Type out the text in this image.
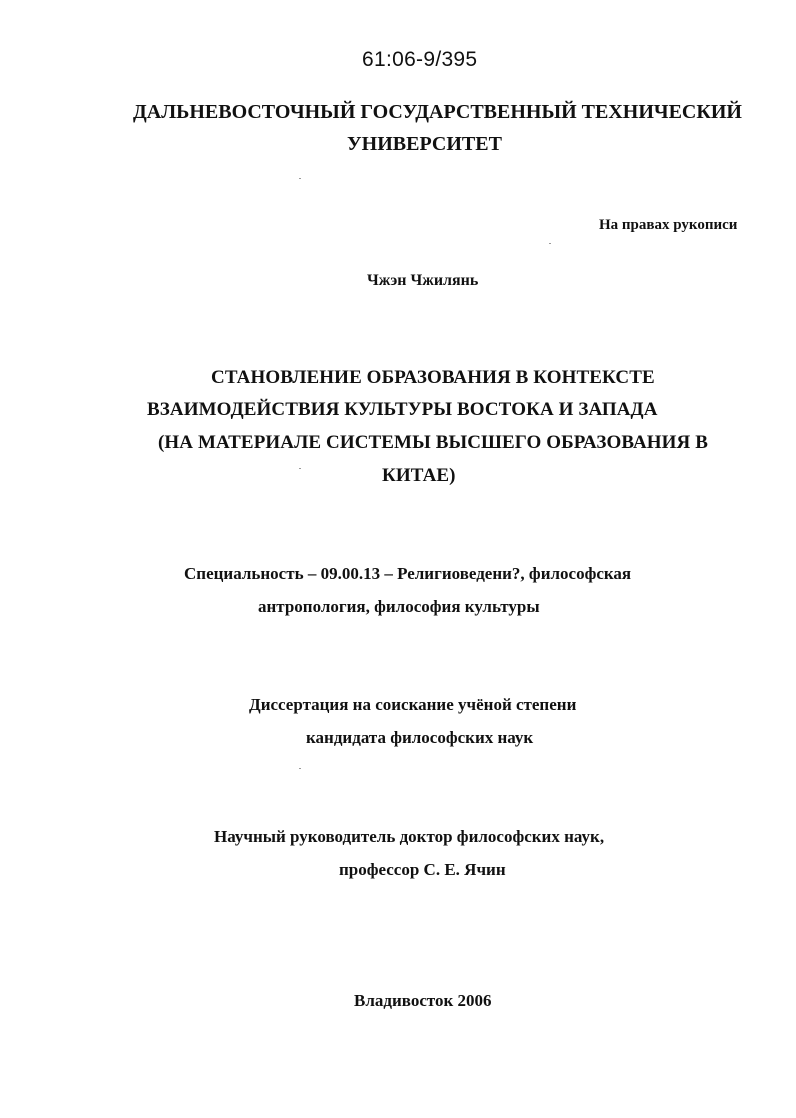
61:06-9/395
ДАЛЬНЕВОСТОЧНЫЙ ГОСУДАРСТВЕННЫЙ ТЕХНИЧЕСКИЙ
УНИВЕРСИТЕТ
На правах рукописи
Чжэн Чжилянь
СТАНОВЛЕНИЕ ОБРАЗОВАНИЯ В КОНТЕКСТЕ
ВЗАИМОДЕЙСТВИЯ КУЛЬТУРЫ ВОСТОКА И ЗАПАДА
(НА МАТЕРИАЛЕ СИСТЕМЫ ВЫСШЕГО ОБРАЗОВАНИЯ В
КИТАЕ)
Специальность – 09.00.13 – Религиоведени?, философская
антропология, философия культуры
Диссертация на соискание учёной степени
кандидата философских наук
Научный руководитель доктор философских наук,
профессор С. Е. Ячин
Владивосток 2006
